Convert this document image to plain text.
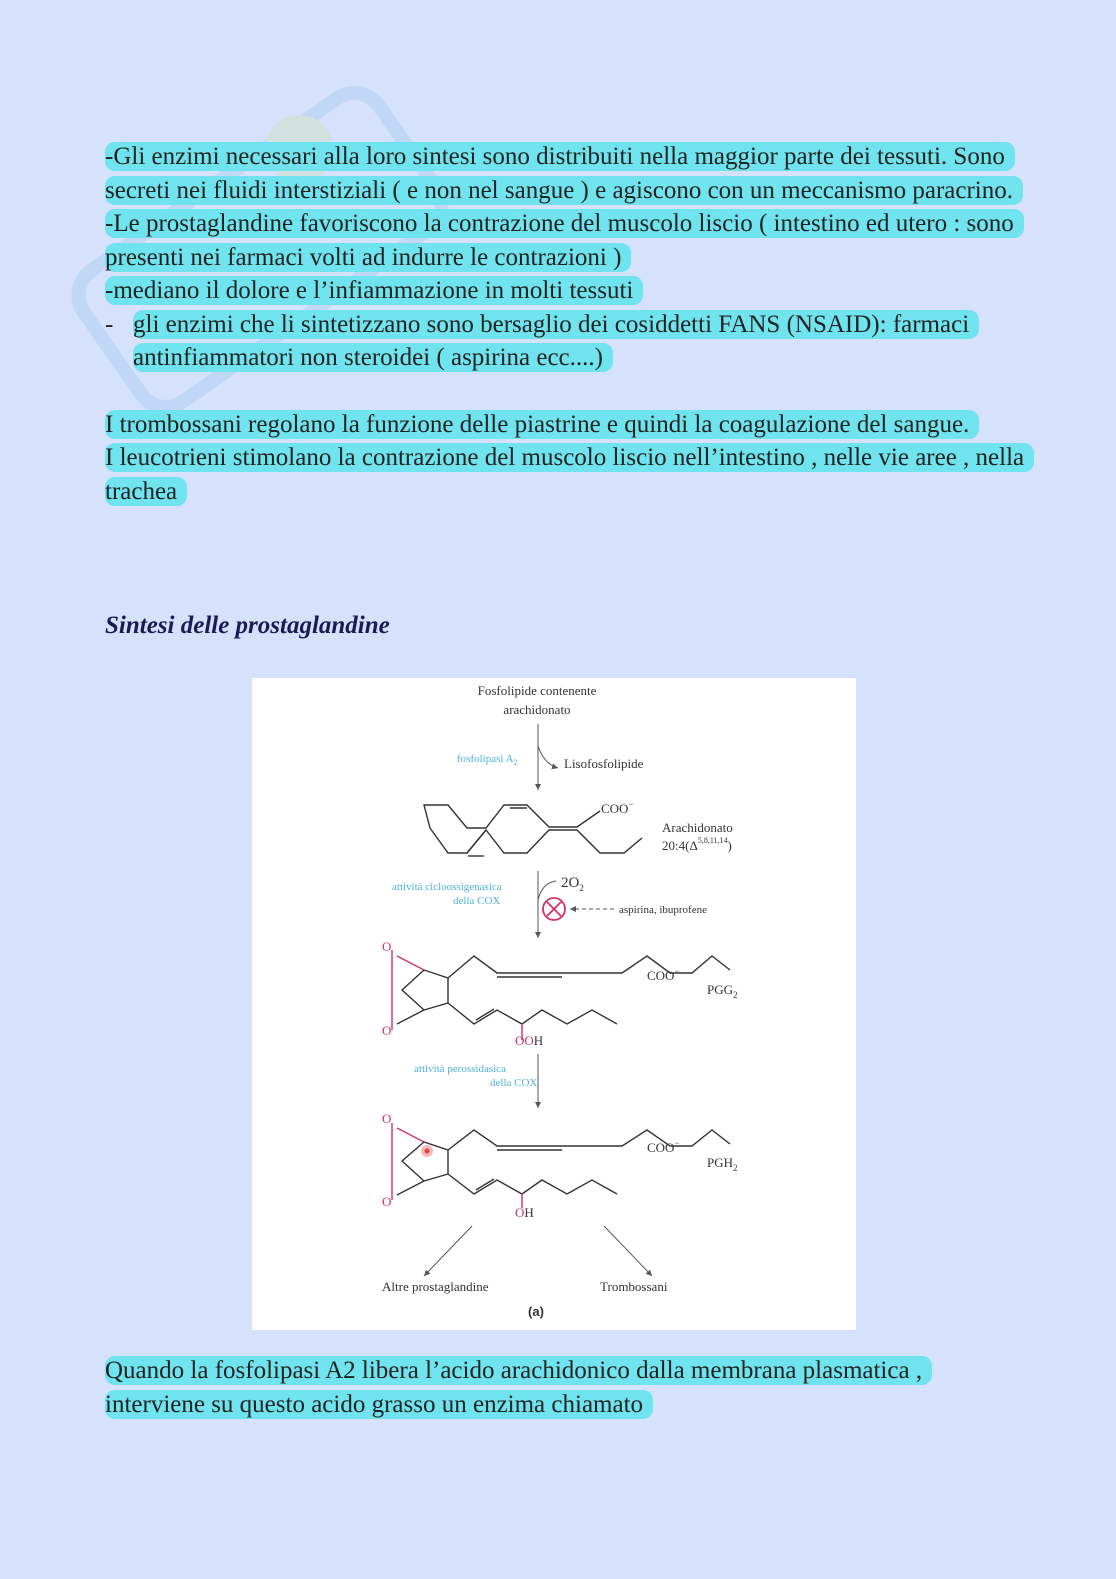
-Gli enzimi necessari alla loro sintesi sono distribuiti nella maggior parte dei tessuti. Sono secreti nei fluidi interstiziali ( e non nel sangue ) e agiscono con un meccanismo paracrino.

-Le prostaglandine favoriscono la contrazione del muscolo liscio ( intestino ed utero : sono presenti nei farmaci volti ad indurre le contrazioni )

-mediano il dolore e l’infiammazione in molti tessuti

- gli enzimi che li sintetizzano sono bersaglio dei cosiddetti FANS (NSAID): farmaci antinfiammatori non steroidei ( aspirina ecc....)

I trombossani regolano la funzione delle piastrine e quindi la coagulazione del sangue.

I leucotrieni stimolano la contrazione del muscolo liscio nell’intestino , nelle vie aree , nella trachea

Sintesi delle prostaglandine
Fosfolipide contenente
arachidonato
fosfolipasi $A_2$	Lisofosfolipide
COO−
Arachidonato
$20:4(\Delta^{5,8,11,14})$
attività cicloossigenasica
della COX
$2O_2$
aspirina, ibuprofene
O
O
COO−
$PGG_2$
OOH
attività perossidasica
della COX
O
O
COO−
$PGH_2$
OH
Altre prostaglandine	Trombossani
(a)

Quando la fosfolipasi A2 libera l’acido arachidonico dalla membrana plasmatica , interviene su questo acido grasso un enzima chiamato
